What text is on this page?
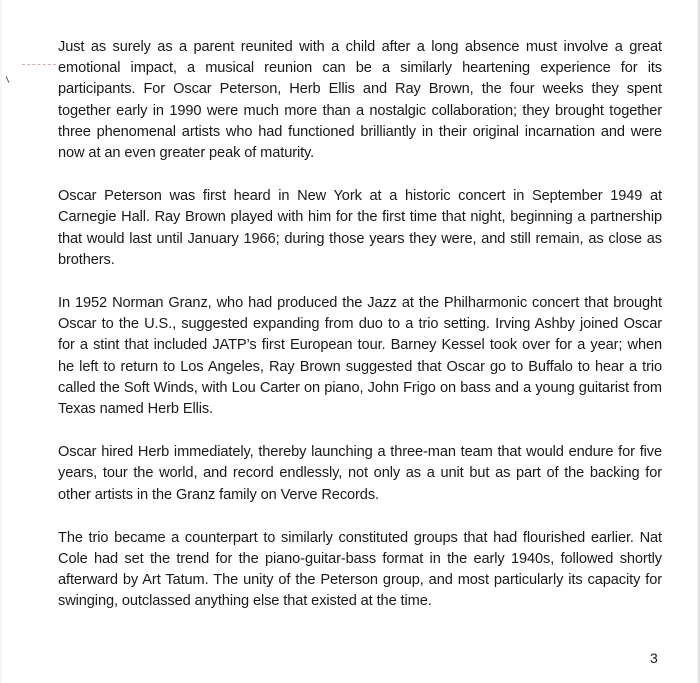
Just as surely as a parent reunited with a child after a long absence must involve a great emotional impact, a musical reunion can be a similarly heartening experience for its participants. For Oscar Peterson, Herb Ellis and Ray Brown, the four weeks they spent together early in 1990 were much more than a nostalgic collaboration; they brought together three phenomenal artists who had functioned brilliantly in their original incarnation and were now at an even greater peak of maturity.

Oscar Peterson was first heard in New York at a historic concert in September 1949 at Carnegie Hall. Ray Brown played with him for the first time that night, beginning a partnership that would last until January 1966; during those years they were, and still remain, as close as brothers.

In 1952 Norman Granz, who had produced the Jazz at the Philharmonic concert that brought Oscar to the U.S., suggested expanding from duo to a trio setting. Irving Ashby joined Oscar for a stint that included JATP’s first European tour. Barney Kessel took over for a year; when he left to return to Los Angeles, Ray Brown suggested that Oscar go to Buffalo to hear a trio called the Soft Winds, with Lou Carter on piano, John Frigo on bass and a young guitarist from Texas named Herb Ellis.

Oscar hired Herb immediately, thereby launching a three-man team that would endure for five years, tour the world, and record endlessly, not only as a unit but as part of the backing for other artists in the Granz family on Verve Records.

The trio became a counterpart to similarly constituted groups that had flourished earlier. Nat Cole had set the trend for the piano-guitar-bass format in the early 1940s, followed shortly afterward by Art Tatum. The unity of the Peterson group, and most particularly its capacity for swinging, outclassed anything else that existed at the time.

3
